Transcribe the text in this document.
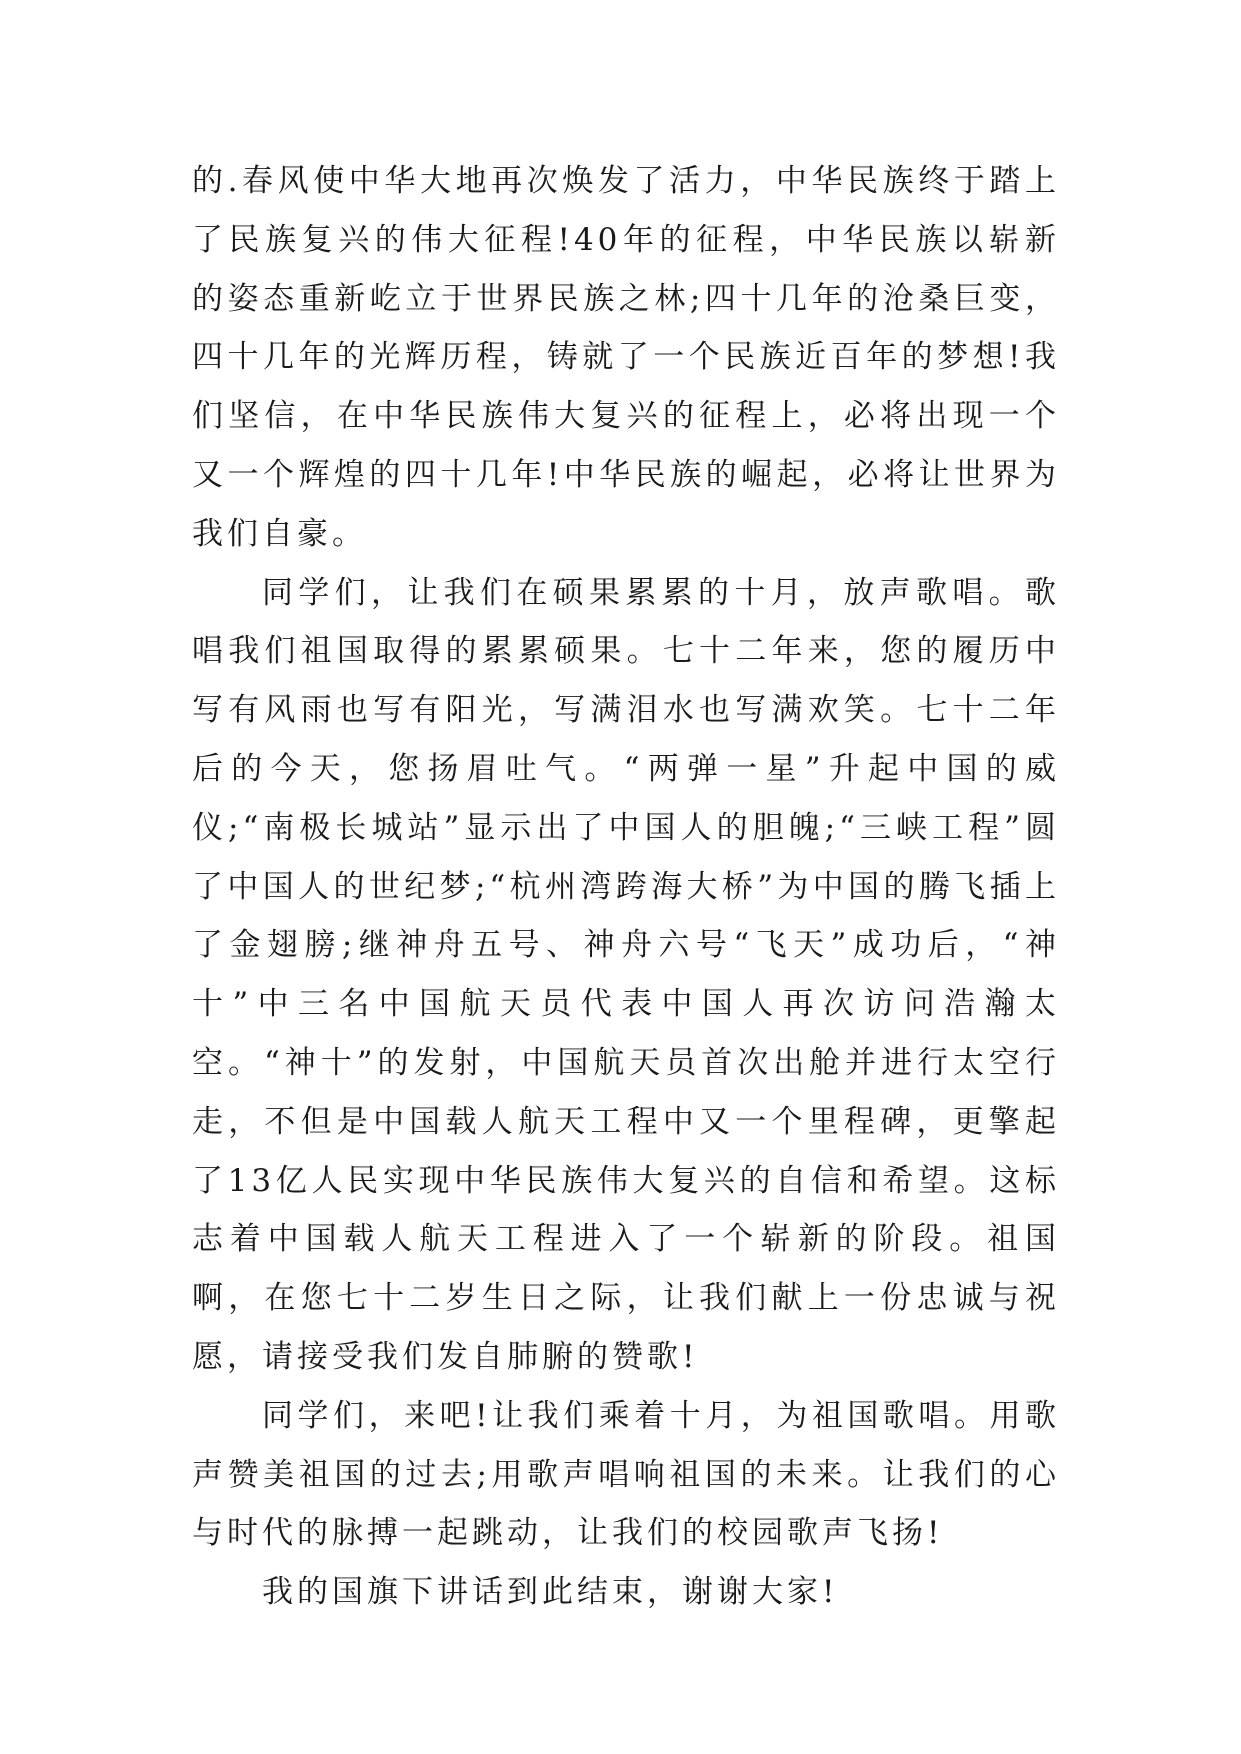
的.春风使中华大地再次焕发了活力，中华民族终于踏上了民族复兴的伟大征程!40年的征程，中华民族以崭新的姿态重新屹立于世界民族之林;四十几年的沧桑巨变，四十几年的光辉历程，铸就了一个民族近百年的梦想!我们坚信，在中华民族伟大复兴的征程上，必将出现一个又一个辉煌的四十几年!中华民族的崛起，必将让世界为我们自豪。

同学们，让我们在硕果累累的十月，放声歌唱。歌唱我们祖国取得的累累硕果。七十二年来，您的履历中写有风雨也写有阳光，写满泪水也写满欢笑。七十二年后的今天，您扬眉吐气。“两弹一星”升起中国的威仪;“南极长城站”显示出了中国人的胆魄;“三峡工程”圆了中国人的世纪梦;“杭州湾跨海大桥”为中国的腾飞插上了金翅膀;继神舟五号、神舟六号“飞天”成功后，“神十”中三名中国航天员代表中国人再次访问浩瀚太空。“神十”的发射，中国航天员首次出舱并进行太空行走，不但是中国载人航天工程中又一个里程碑，更擎起了13亿人民实现中华民族伟大复兴的自信和希望。这标志着中国载人航天工程进入了一个崭新的阶段。祖国啊，在您七十二岁生日之际，让我们献上一份忠诚与祝愿，请接受我们发自肺腑的赞歌!

同学们，来吧!让我们乘着十月，为祖国歌唱。用歌声赞美祖国的过去;用歌声唱响祖国的未来。让我们的心与时代的脉搏一起跳动，让我们的校园歌声飞扬!

我的国旗下讲话到此结束，谢谢大家!
